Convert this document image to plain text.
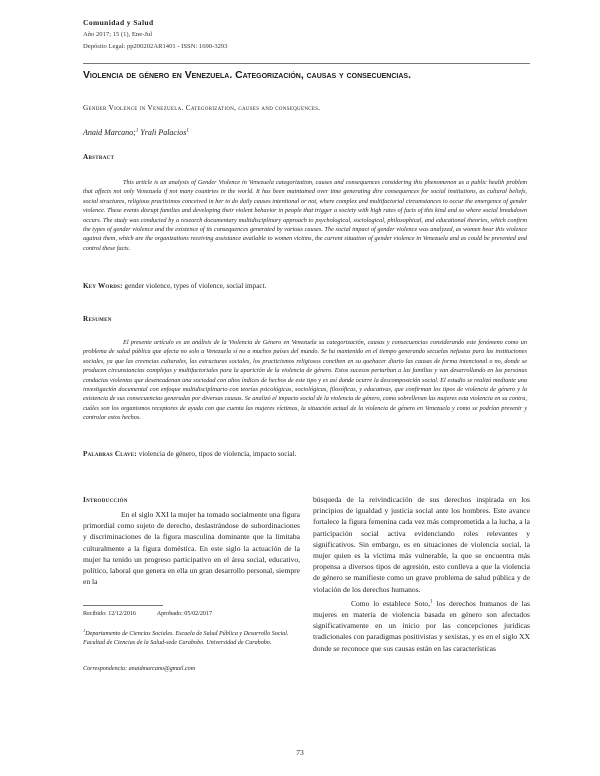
Comunidad y Salud
Año 2017; 15 (1), Ene-Jul
Depósito Legal: pp200202AR1401 - ISSN: 1690-3293
Violencia de género en Venezuela. Categorización, causas y consecuencias.
Gender Violence in Venezuela. Categorization, causes and consequences.
Anaid Marcano;$^1$ Yrali Palacios$^1$
Abstract
This article is an analysis of Gender Violence in Venezuela categorization, causes and consequences considering this phenomenon as a public health problem that affects not only Venezuela if not many countries in the world. It has been maintained over time generating dire consequences for social institutions, as cultural beliefs, social structures, religious practisimos conceived in her to do daily causes intentional or not, where complex and multifactorial circumstances to occur the emergence of gender violence. These events disrupt families and developing their violent behavior in people that trigger a society with high rates of facts of this kind and so where social breakdown occurs. The study was conducted by a research documentary multidisciplinary approach to psychological, sociological, philosophical, and educational theories, which confirm the types of gender violence and the existence of its consequences generated by various causes. The social impact of gender violence was analyzed, as women bear this violence against them, which are the organizations receiving assistance available to women victims, the current situation of gender violence in Venezuela and as could be prevented and control these facts.
Key Words: gender violence, types of violence, social impact.
Resumen
El presente artículo es un análisis de la Violencia de Género en Venezuela su categorización, causas y consecuencias considerando este fenómeno como un problema de salud pública que afecta no solo a Venezuela sí no a muchos países del mundo. Se ha mantenido en el tiempo generando secuelas nefastas para las instituciones sociales, ya que las creencias culturales, las estructuras sociales, los practicismos religiosos conciben en su quehacer diario las causas de forma intencional o no, donde se producen circunstancias complejas y multifactoriales para la aparición de la violencia de género. Estos sucesos perturban a las familias y van desarrollando en las personas conductas violentas que desencadenan una sociedad con altos índices de hechos de este tipo y es así donde ocurre la descomposición social. El estudio se realizó mediante una investigación documental con enfoque multidisciplinario con teorías psicológicas, sociológicas, filosóficas, y educativas, que confirman los tipos de violencia de género y la existencia de sus consecuencias generadas por diversas causas. Se analizó el impacto social de la violencia de género, como sobrellevan las mujeres esta violencia en su contra, cuáles son los organismos receptores de ayuda con que cuenta las mujeres víctimas, la situación actual de la violencia de género en Venezuela y como se podrían prevenir y controlar estos hechos.
Palabras Clave: violencia de género, tipos de violencia, impacto social.
Introducción

En el siglo XXI la mujer ha tomado socialmente una figura primordial como sujeto de derecho, deslastrándose de subordinaciones y discriminaciones de la figura masculina dominante que la limitaba culturalmente a la figura doméstica. En este siglo la actuación de la mujer ha tenido un progreso participativo en el área social, educativo, político, laboral que genera en ella un gran desarrollo personal, siempre en la

búsqueda de la reivindicación de sus derechos inspirada en los principios de igualdad y justicia social ante los hombres. Este avance fortalece la figura femenina cada vez más comprometida a la lucha, a la participación social activa evidenciando roles relevantes y significativos. Sin embargo, es en situaciones de violencia social, la mujer quien es la víctima más vulnerable, la que se encuentra más propensa a diversos tipos de agresión, esto conlleva a que la violencia de género se manifieste como un grave problema de salud pública y de violación de los derechos humanos.

Como lo establece Soto,$^1$ los derechos humanos de las mujeres en materia de violencia basada en género son afectados significativamente en un inicio por las concepciones jurídicas tradicionales con paradigmas positivistas y sexistas, y es en el siglo XX donde se reconoce que sus causas están en las características

Recibido: 12/12/2016	Aprobado: 05/02/2017
$^1$Departamento de Ciencias Sociales. Escuela de Salud Pública y Desarrollo Social. Facultad de Ciencias de la Salud-sede Carabobo. Universidad de Carabobo.
Correspondencia: anaidmarcano@gmail.com
73
